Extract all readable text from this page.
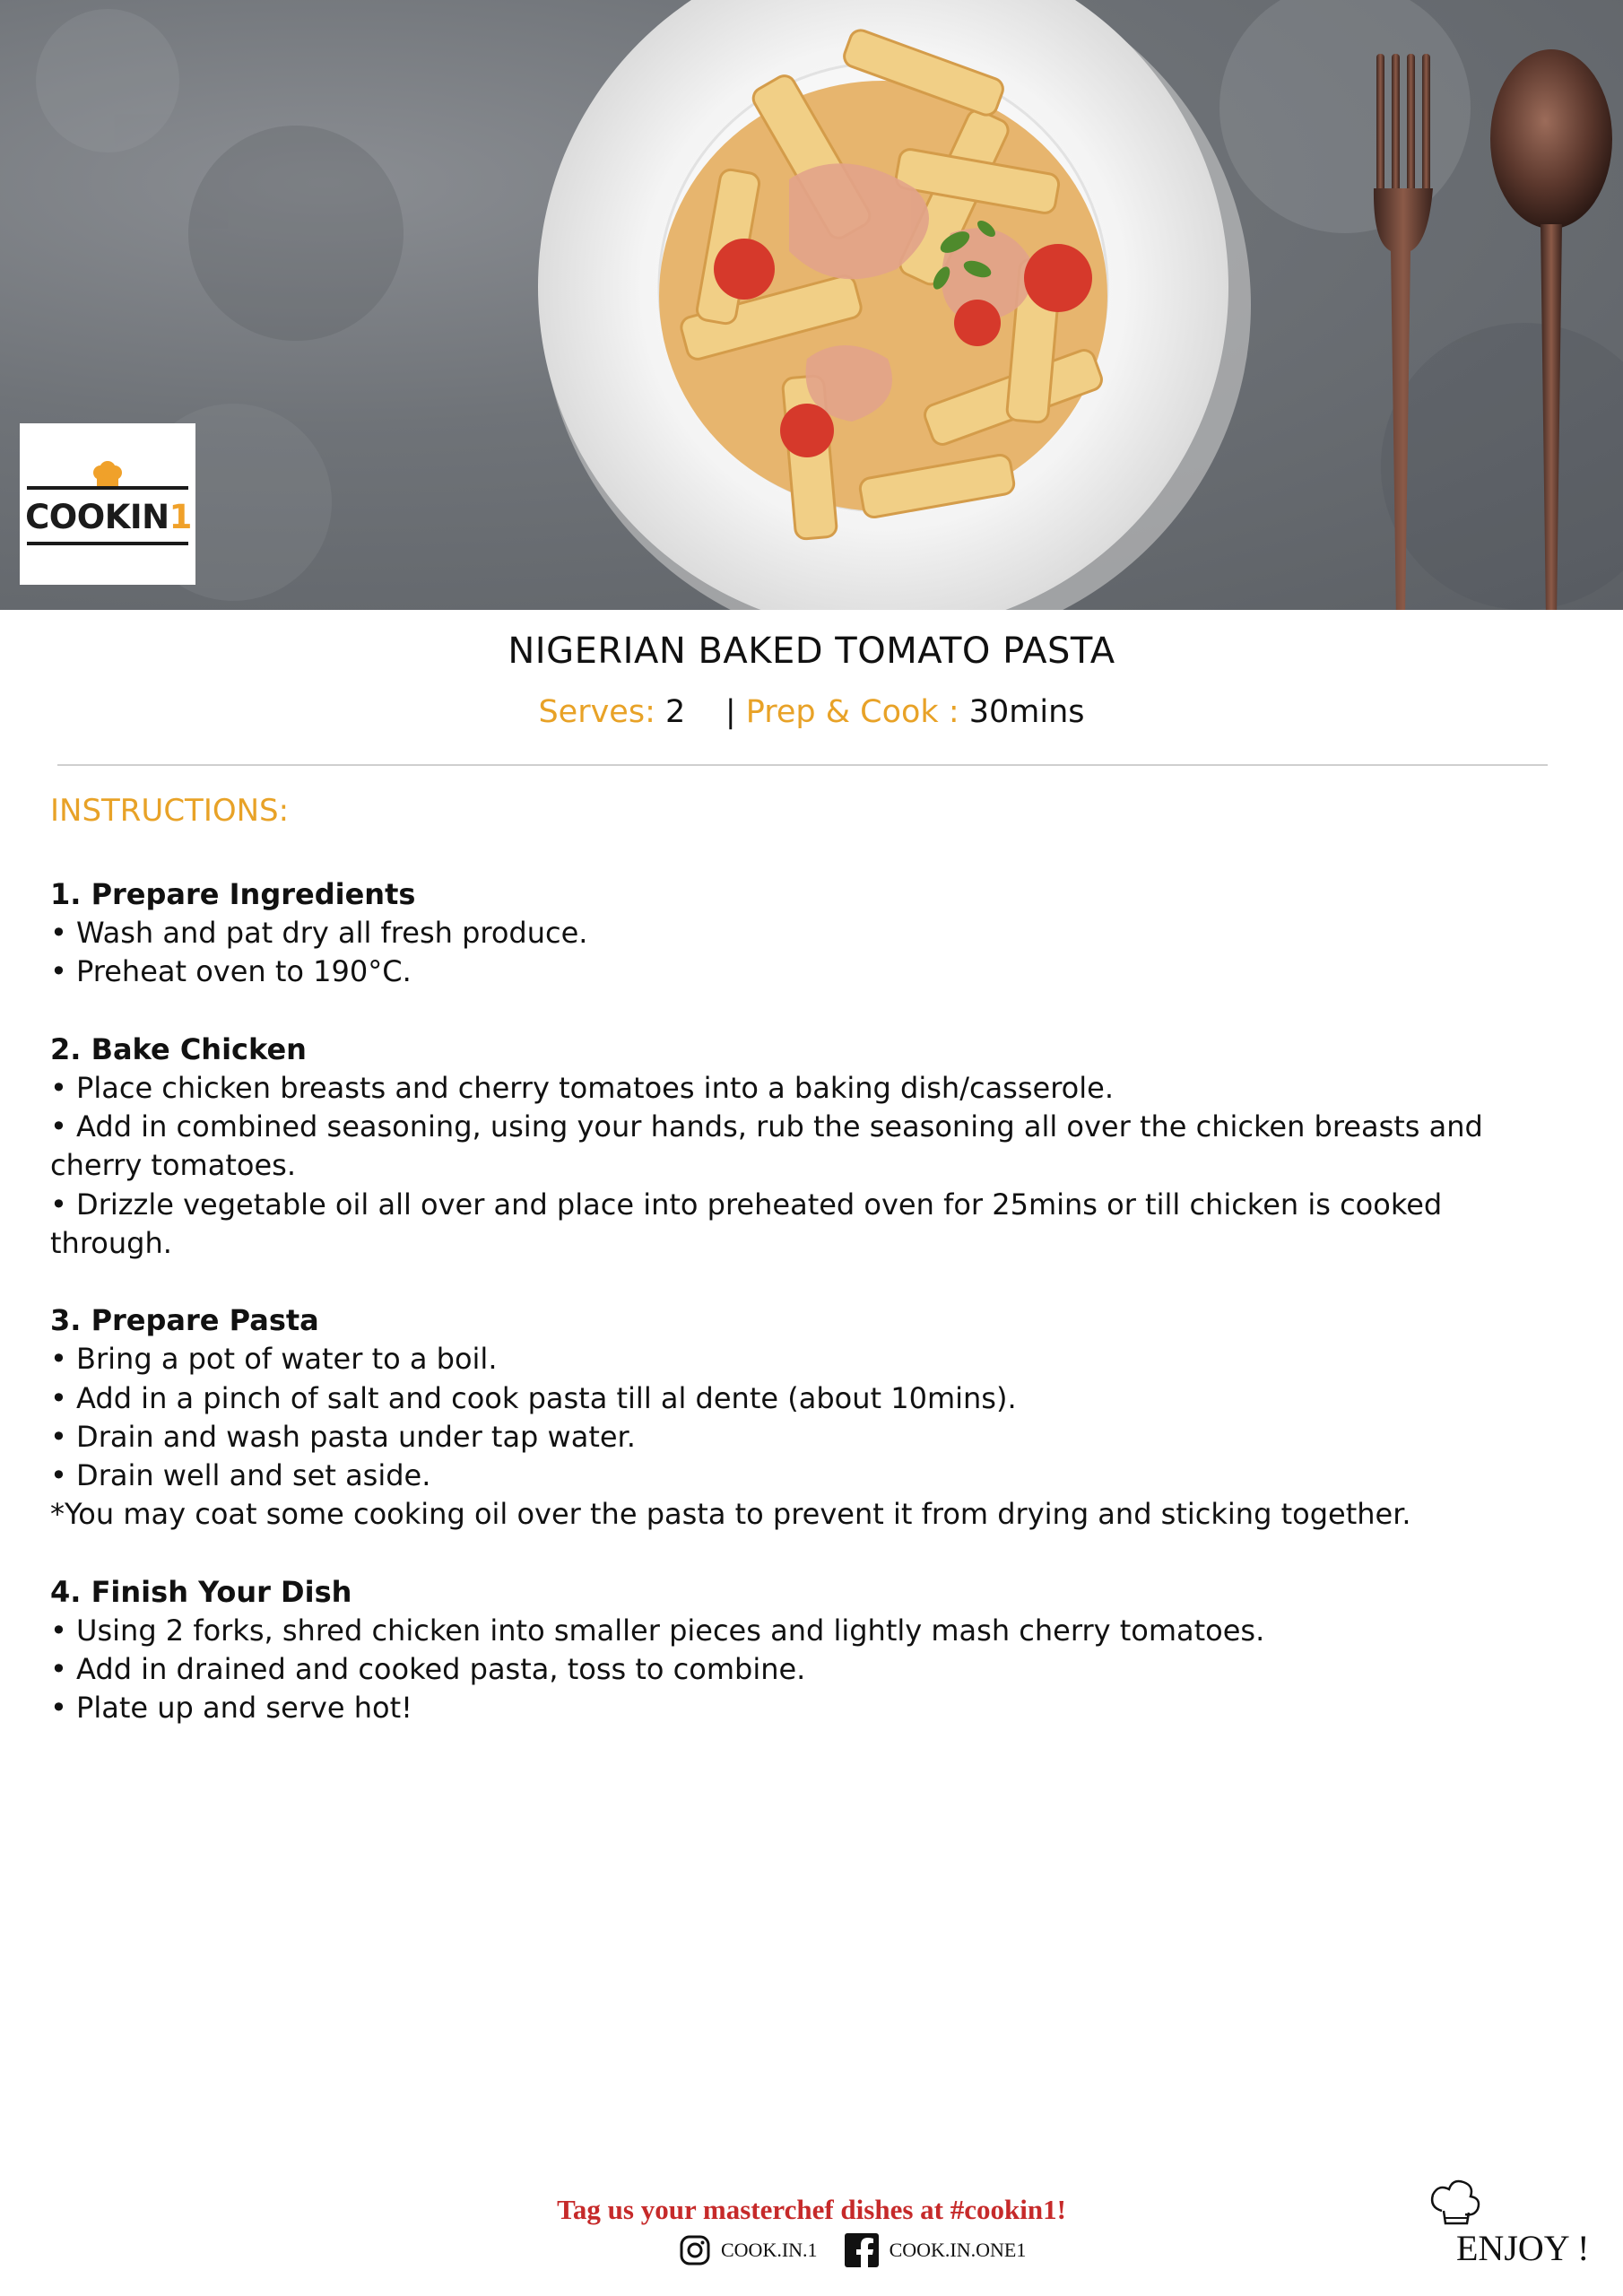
COOKIN1
NIGERIAN BAKED TOMATO PASTA
Serves: 2 | Prep & Cook : 30mins
INSTRUCTIONS:
1. Prepare Ingredients

• Wash and pat dry all fresh produce.

• Preheat oven to 190°C.

2. Bake Chicken

• Place chicken breasts and cherry tomatoes into a baking dish/casserole.

• Add in combined seasoning, using your hands, rub the seasoning all over the chicken breasts and cherry tomatoes.

• Drizzle vegetable oil all over and place into preheated oven for 25mins or till chicken is cooked through.

3. Prepare Pasta

• Bring a pot of water to a boil.

• Add in a pinch of salt and cook pasta till al dente (about 10mins).

• Drain and wash pasta under tap water.

• Drain well and set aside.

*You may coat some cooking oil over the pasta to prevent it from drying and sticking together.

4. Finish Your Dish

• Using 2 forks, shred chicken into smaller pieces and lightly mash cherry tomatoes.

• Add in drained and cooked pasta, toss to combine.

• Plate up and serve hot!

Tag us your masterchef dishes at #cookin1!
COOK.IN.1	COOK.IN.ONE1	ENJOY !
